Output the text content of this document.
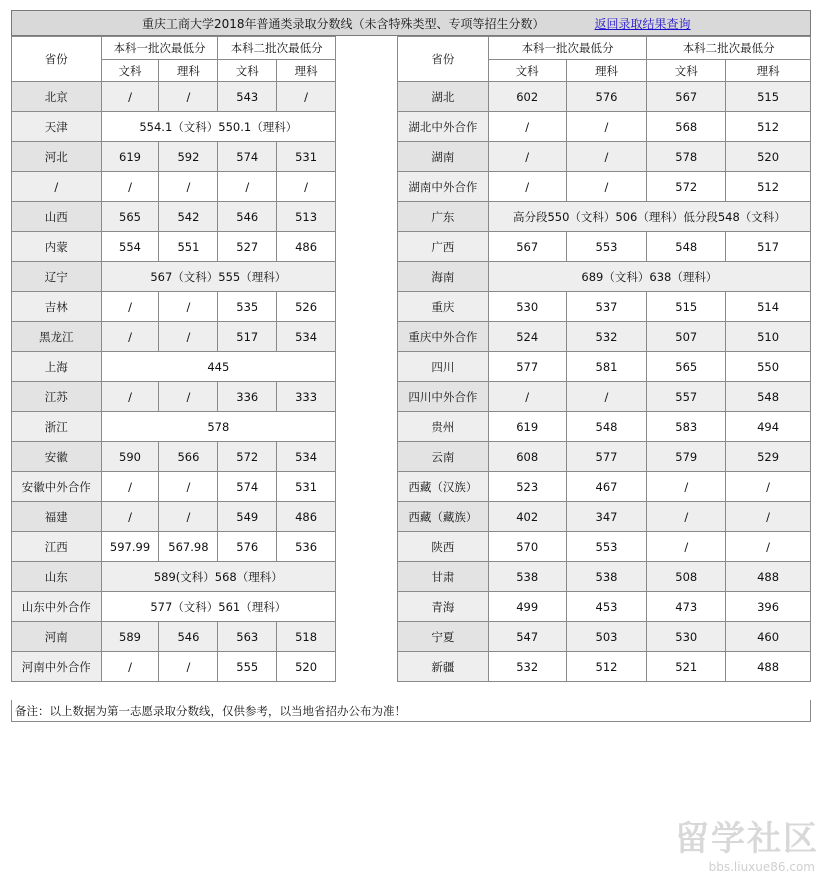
重庆工商大学2018年普通类录取分数线（未含特殊类型、专项等招生分数）	返回录取结果查询
省份	本科一批次最低分		本科二批次最低分	
	文科	理科	文科	理科
北京	/	/	543	/
天津	554.1（文科）550.1（理科）			
河北	619	592	574	531
/	/	/	/	/
山西	565	542	546	513
内蒙	554	551	527	486
辽宁	567（文科）555（理科）			
吉林	/	/	535	526
黑龙江	/	/	517	534
上海	445			
江苏	/	/	336	333
浙江	578			
安徽	590	566	572	534
安徽中外合作	/	/	574	531
福建	/	/	549	486
江西	597.99	567.98	576	536
山东	589(文科）568（理科）			
山东中外合作	577（文科）561（理科）			
河南	589	546	563	518
河南中外合作	/	/	555	520
省份	本科一批次最低分		本科二批次最低分	
	文科	理科	文科	理科
湖北	602	576	567	515
湖北中外合作	/	/	568	512
湖南	/	/	578	520
湖南中外合作	/	/	572	512
广东	高分段550（文科）506（理科）低分段548（文科）			
广西	567	553	548	517
海南	689（文科）638（理科）			
重庆	530	537	515	514
重庆中外合作	524	532	507	510
四川	577	581	565	550
四川中外合作	/	/	557	548
贵州	619	548	583	494
云南	608	577	579	529
西藏（汉族）	523	467	/	/
西藏（藏族）	402	347	/	/
陕西	570	553	/	/
甘肃	538	538	508	488
青海	499	453	473	396
宁夏	547	503	530	460
新疆	532	512	521	488
备注：以上数据为第一志愿录取分数线，仅供参考，以当地省招办公布为准！
留学社区
bbs.liuxue86.com
